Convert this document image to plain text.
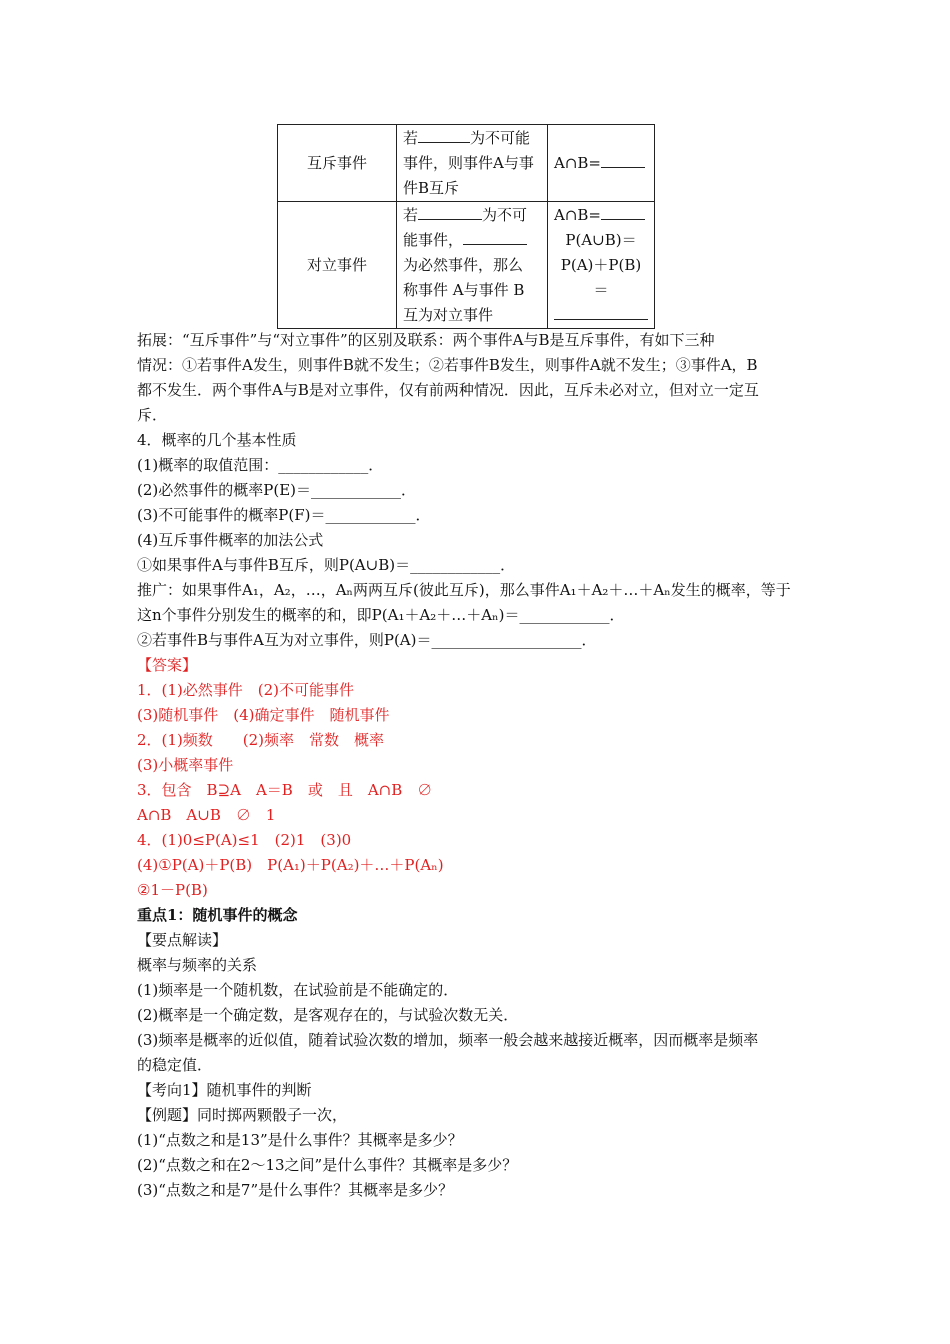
互斥事件	若 为不可能
事件，则事件A与事
件B互斥	A∩B=
对立事件	若 为不可
能事件，
为必然事件，那么
称事件 A与事件 B
互为对立事件	A∩B=

P(A∪B)＝
P(A)＋P(B)＝
拓展：“互斥事件”与“对立事件”的区别及联系：两个事件A与B是互斥事件，有如下三种
情况：①若事件A发生，则事件B就不发生；②若事件B发生，则事件A就不发生；③事件A，B
都不发生．两个事件A与B是对立事件，仅有前两种情况．因此，互斥未必对立，但对立一定互
斥．
4．概率的几个基本性质
(1)概率的取值范围：____________．
(2)必然事件的概率P(E)＝____________．
(3)不可能事件的概率P(F)＝____________．
(4)互斥事件概率的加法公式
①如果事件A与事件B互斥，则P(A∪B)＝____________．
推广：如果事件A₁，A₂，…，Aₙ两两互斥(彼此互斥)，那么事件A₁＋A₂＋…＋Aₙ发生的概率，等于
这n个事件分别发生的概率的和，即P(A₁＋A₂＋…＋Aₙ)＝____________．
②若事件B与事件A互为对立事件，则P(A)＝____________________．
【答案】
1．(1)必然事件　(2)不可能事件
(3)随机事件　(4)确定事件　随机事件
2．(1)频数　　(2)频率　常数　概率
(3)小概率事件
3．包含　B⊇A　A＝B　或　且　A∩B　∅
A∩B　A∪B　∅　1
4．(1)0≤P(A)≤1　(2)1　(3)0
(4)①P(A)＋P(B)　P(A₁)＋P(A₂)＋…＋P(Aₙ)
②1－P(B)
重点1：随机事件的概念
【要点解读】
概率与频率的关系
(1)频率是一个随机数，在试验前是不能确定的．
(2)概率是一个确定数，是客观存在的，与试验次数无关．
(3)频率是概率的近似值，随着试验次数的增加，频率一般会越来越接近概率，因而概率是频率
的稳定值．
【考向1】随机事件的判断
【例题】同时掷两颗骰子一次，
(1)“点数之和是13”是什么事件？其概率是多少？
(2)“点数之和在2～13之间”是什么事件？其概率是多少？
(3)“点数之和是7”是什么事件？其概率是多少？
